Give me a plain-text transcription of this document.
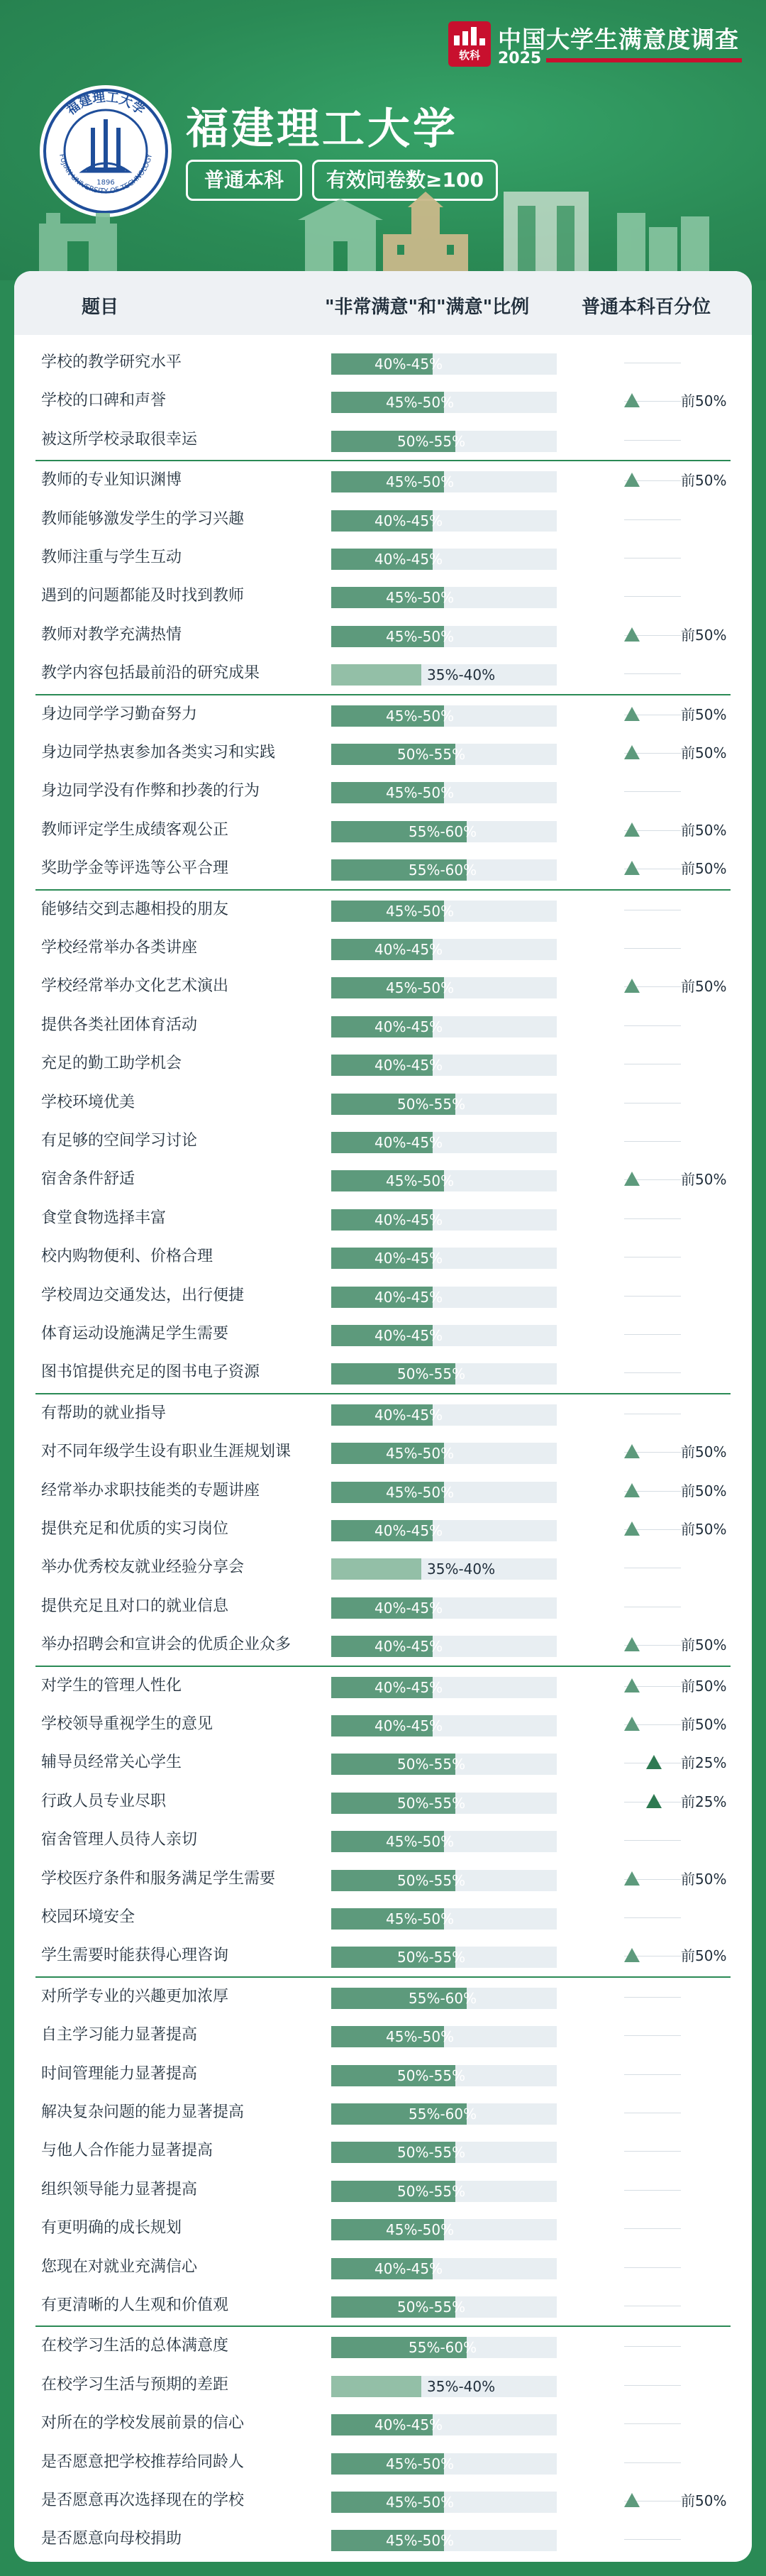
软科
中国大学生满意度调查
2025
福建理工大学
FUJIAN UNIVERSITY OF TECHNOLOGY
1896
福建理工大学
普通本科	有效问卷数≥100
题目	"非常满意"和"满意"比例	普通本科百分位
学校的教学研究水平	40%-45%
学校的口碑和声誉	45%-50%	前50%
被这所学校录取很幸运	50%-55%
教师的专业知识渊博	45%-50%	前50%
教师能够激发学生的学习兴趣	40%-45%
教师注重与学生互动	40%-45%
遇到的问题都能及时找到教师	45%-50%
教师对教学充满热情	45%-50%	前50%
教学内容包括最前沿的研究成果	35%-40%
身边同学学习勤奋努力	45%-50%	前50%
身边同学热衷参加各类实习和实践	50%-55%	前50%
身边同学没有作弊和抄袭的行为	45%-50%
教师评定学生成绩客观公正	55%-60%	前50%
奖助学金等评选等公平合理	55%-60%	前50%
能够结交到志趣相投的朋友	45%-50%
学校经常举办各类讲座	40%-45%
学校经常举办文化艺术演出	45%-50%	前50%
提供各类社团体育活动	40%-45%
充足的勤工助学机会	40%-45%
学校环境优美	50%-55%
有足够的空间学习讨论	40%-45%
宿舍条件舒适	45%-50%	前50%
食堂食物选择丰富	40%-45%
校内购物便利、价格合理	40%-45%
学校周边交通发达，出行便捷	40%-45%
体育运动设施满足学生需要	40%-45%
图书馆提供充足的图书电子资源	50%-55%
有帮助的就业指导	40%-45%
对不同年级学生设有职业生涯规划课	45%-50%	前50%
经常举办求职技能类的专题讲座	45%-50%	前50%
提供充足和优质的实习岗位	40%-45%	前50%
举办优秀校友就业经验分享会	35%-40%
提供充足且对口的就业信息	40%-45%
举办招聘会和宣讲会的优质企业众多	40%-45%	前50%
对学生的管理人性化	40%-45%	前50%
学校领导重视学生的意见	40%-45%	前50%
辅导员经常关心学生	50%-55%	前25%
行政人员专业尽职	50%-55%	前25%
宿舍管理人员待人亲切	45%-50%
学校医疗条件和服务满足学生需要	50%-55%	前50%
校园环境安全	45%-50%
学生需要时能获得心理咨询	50%-55%	前50%
对所学专业的兴趣更加浓厚	55%-60%
自主学习能力显著提高	45%-50%
时间管理能力显著提高	50%-55%
解决复杂问题的能力显著提高	55%-60%
与他人合作能力显著提高	50%-55%
组织领导能力显著提高	50%-55%
有更明确的成长规划	45%-50%
您现在对就业充满信心	40%-45%
有更清晰的人生观和价值观	50%-55%
在校学习生活的总体满意度	55%-60%
在校学习生活与预期的差距	35%-40%
对所在的学校发展前景的信心	40%-45%
是否愿意把学校推荐给同龄人	45%-50%
是否愿意再次选择现在的学校	45%-50%	前50%
是否愿意向母校捐助	45%-50%
